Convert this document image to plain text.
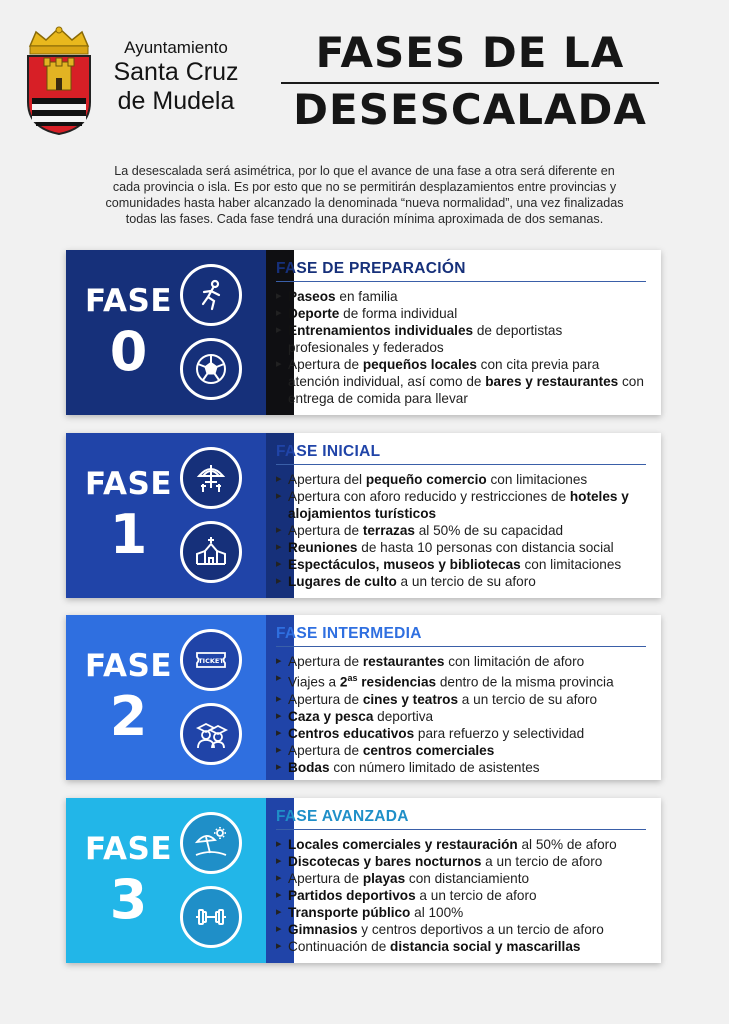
Ayuntamiento
Santa Cruz
de Mudela
FASES DE LA
DESESCALADA
La desescalada será asimétrica, por lo que el avance de una fase a otra será diferente en
cada provincia o isla. Es por esto que no se permitirán desplazamientos entre provincias y
comunidades hasta haber alcanzado la denominada “nueva normalidad”, una vez finalizadas
todas las fases. Cada fase tendrá una duración mínima aproximada de dos semanas.
FASE
0
FASE DE PREPARACIÓN
▸ Paseos en familia
▸ Deporte de forma individual
▸ Entrenamientos individuales de deportistas profesionales y federados
▸ Apertura de pequeños locales con cita previa para atención individual, así como de bares y restaurantes con entrega de comida para llevar
FASE
1
FASE INICIAL
▸ Apertura del pequeño comercio con limitaciones
▸ Apertura con aforo reducido y restricciones de hoteles y alojamientos turísticos
▸ Apertura de terrazas al 50% de su capacidad
▸ Reuniones de hasta 10 personas con distancia social
▸ Espectáculos, museos y bibliotecas con limitaciones
▸ Lugares de culto a un tercio de su aforo
FASE
2
TICKET
FASE INTERMEDIA
▸ Apertura de restaurantes con limitación de aforo
▸ Viajes a $2^{as}$ residencias dentro de la misma provincia
▸ Apertura de cines y teatros a un tercio de su aforo
▸ Caza y pesca deportiva
▸ Centros educativos para refuerzo y selectividad
▸ Apertura de centros comerciales
▸ Bodas con número limitado de asistentes
FASE
3
FASE AVANZADA
▸ Locales comerciales y restauración al 50% de aforo
▸ Discotecas y bares nocturnos a un tercio de aforo
▸ Apertura de playas con distanciamiento
▸ Partidos deportivos a un tercio de aforo
▸ Transporte público al 100%
▸ Gimnasios y centros deportivos a un tercio de aforo
▸ Continuación de distancia social y mascarillas
